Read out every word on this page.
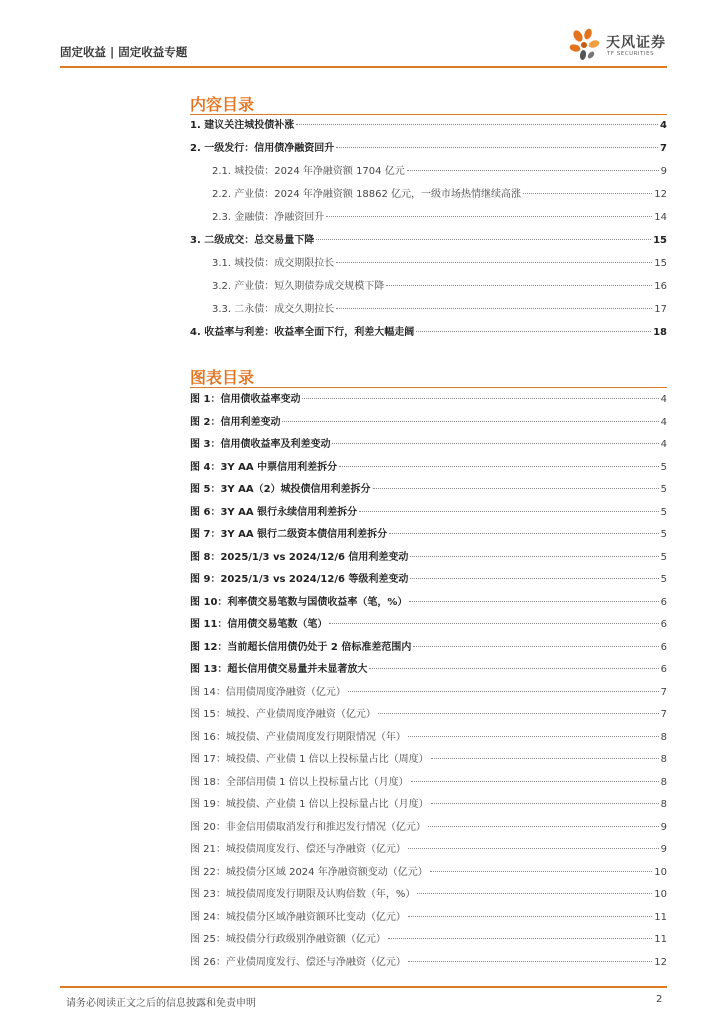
固定收益 | 固定收益专题
天风证券
TF SECURITIES
内容目录
1. 建议关注城投债补涨	4
2. 一级发行：信用债净融资回升	7
2.1. 城投债：2024 年净融资额 1704 亿元	9
2.2. 产业债：2024 年净融资额 18862 亿元，一级市场热情继续高涨	12
2.3. 金融债：净融资回升	14
3. 二级成交：总交易量下降	15
3.1. 城投债：成交期限拉长	15
3.2. 产业债：短久期债券成交规模下降	16
3.3. 二永债：成交久期拉长	17
4. 收益率与利差：收益率全面下行，利差大幅走阔	18
图表目录
图 1：信用债收益率变动	4
图 2：信用利差变动	4
图 3：信用债收益率及利差变动	4
图 4：3Y AA 中票信用利差拆分	5
图 5：3Y AA（2）城投债信用利差拆分	5
图 6：3Y AA 银行永续信用利差拆分	5
图 7：3Y AA 银行二级资本债信用利差拆分	5
图 8：2025/1/3 vs 2024/12/6 信用利差变动	5
图 9：2025/1/3 vs 2024/12/6 等级利差变动	5
图 10：利率债交易笔数与国债收益率（笔，%）	6
图 11：信用债交易笔数（笔）	6
图 12：当前超长信用债仍处于 2 倍标准差范围内	6
图 13：超长信用债交易量并未显著放大	6
图 14：信用债周度净融资（亿元）	7
图 15：城投、产业债周度净融资（亿元）	7
图 16：城投债、产业债周度发行期限情况（年）	8
图 17：城投债、产业债 1 倍以上投标量占比（周度）	8
图 18：全部信用债 1 倍以上投标量占比（月度）	8
图 19：城投债、产业债 1 倍以上投标量占比（月度）	8
图 20：非金信用债取消发行和推迟发行情况（亿元）	9
图 21：城投债周度发行、偿还与净融资（亿元）	9
图 22：城投债分区域 2024 年净融资额变动（亿元）	10
图 23：城投债周度发行期限及认购倍数（年，%）	10
图 24：城投债分区域净融资额环比变动（亿元）	11
图 25：城投债分行政级别净融资额（亿元）	11
图 26：产业债周度发行、偿还与净融资（亿元）	12
请务必阅读正文之后的信息披露和免责申明	2
